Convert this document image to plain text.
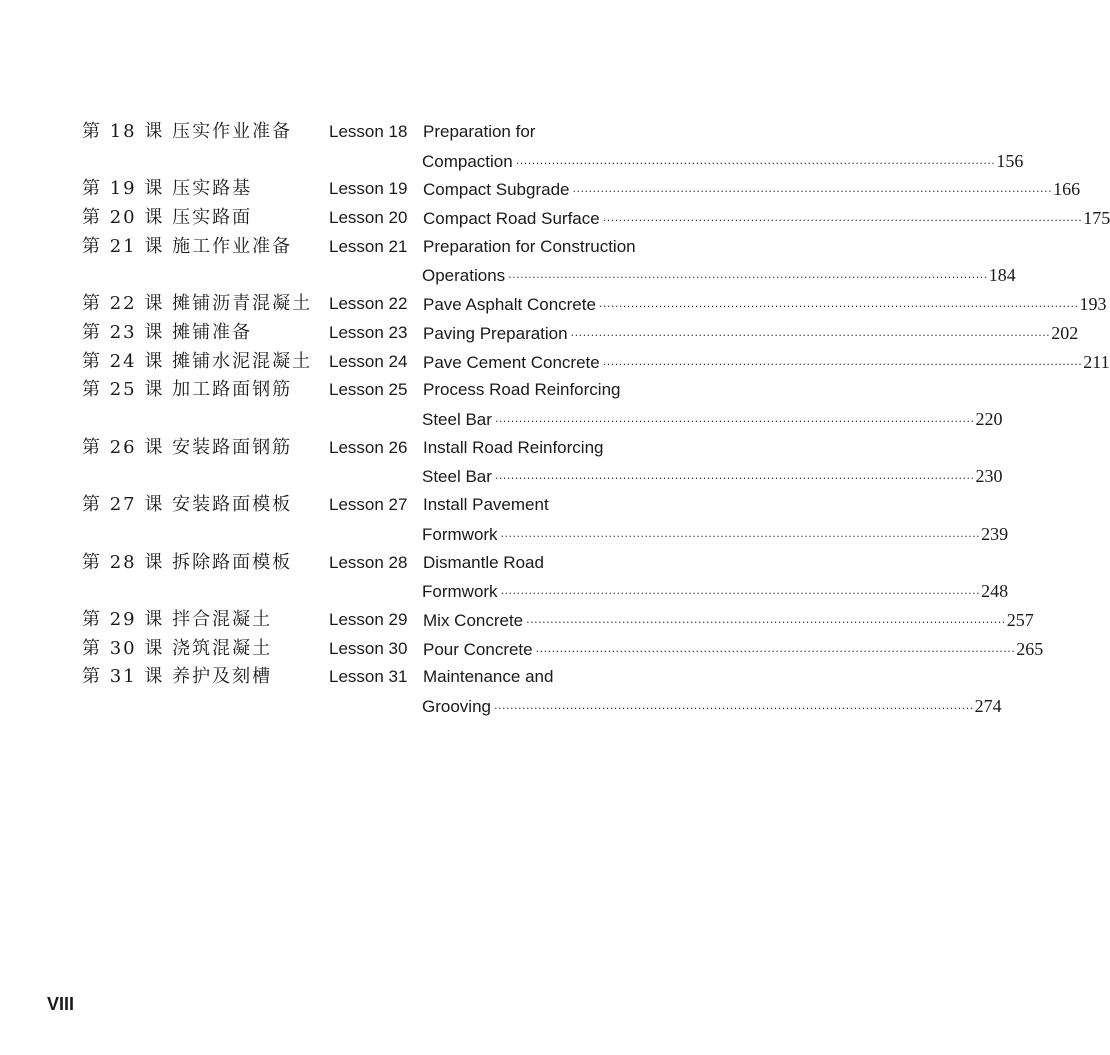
第 18 课 压实作业准备 Lesson 18 Preparation for
Compaction ························································································································ 156
第 19 课 压实路基	Lesson 19 Compact Subgrade ························································································································ 166
第 20 课 压实路面	Lesson 20 Compact Road Surface ························································································································ 175
第 21 课 施工作业准备 Lesson 21 Preparation for Construction
Operations ························································································································ 184
第 22 课 摊铺沥青混凝土 Lesson 22 Pave Asphalt Concrete ························································································································ 193
第 23 课 摊铺准备	Lesson 23 Paving Preparation ························································································································ 202
第 24 课 摊铺水泥混凝土 Lesson 24 Pave Cement Concrete ························································································································ 211
第 25 课 加工路面钢筋 Lesson 25 Process Road Reinforcing
Steel Bar ························································································································ 220
第 26 课 安装路面钢筋 Lesson 26 Install Road Reinforcing
Steel Bar ························································································································ 230
第 27 课 安装路面模板 Lesson 27 Install Pavement
Formwork ························································································································ 239
第 28 课 拆除路面模板 Lesson 28 Dismantle Road
Formwork ························································································································ 248
第 29 课 拌合混凝土	Lesson 29 Mix Concrete ························································································································ 257
第 30 课 浇筑混凝土	Lesson 30 Pour Concrete ························································································································ 265
第 31 课 养护及刻槽	Lesson 31 Maintenance and
Grooving ························································································································ 274
VIII
